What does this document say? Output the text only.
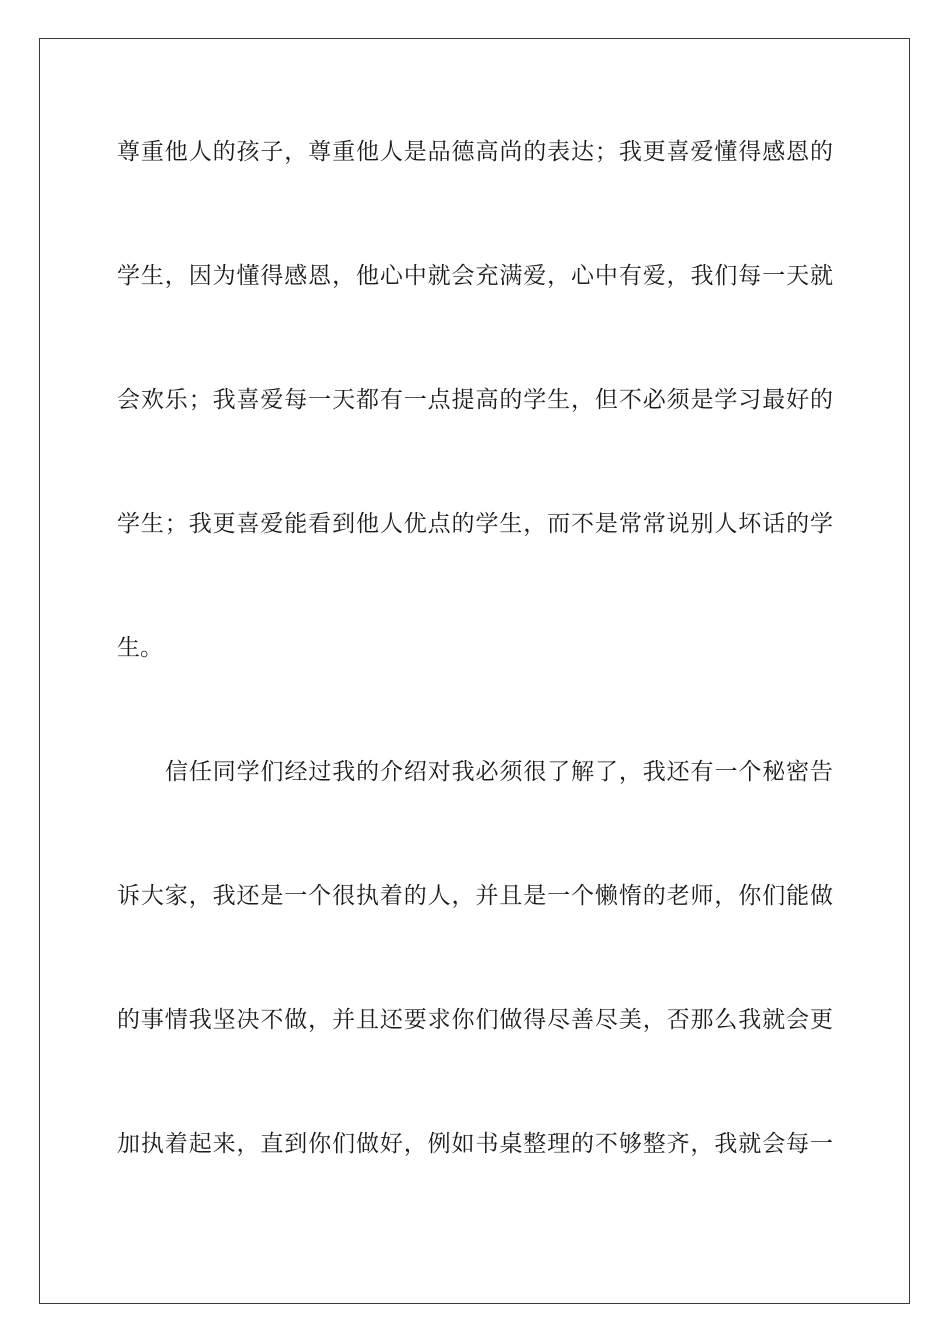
尊重他人的孩子，尊重他人是品德高尚的表达；我更喜爱懂得感恩的
学生，因为懂得感恩，他心中就会充满爱，心中有爱，我们每一天就
会欢乐；我喜爱每一天都有一点提高的学生，但不必须是学习最好的
学生；我更喜爱能看到他人优点的学生，而不是常常说别人坏话的学
生。
信任同学们经过我的介绍对我必须很了解了，我还有一个秘密告
诉大家，我还是一个很执着的人，并且是一个懒惰的老师，你们能做
的事情我坚决不做，并且还要求你们做得尽善尽美，否那么我就会更
加执着起来，直到你们做好，例如书桌整理的不够整齐，我就会每一
